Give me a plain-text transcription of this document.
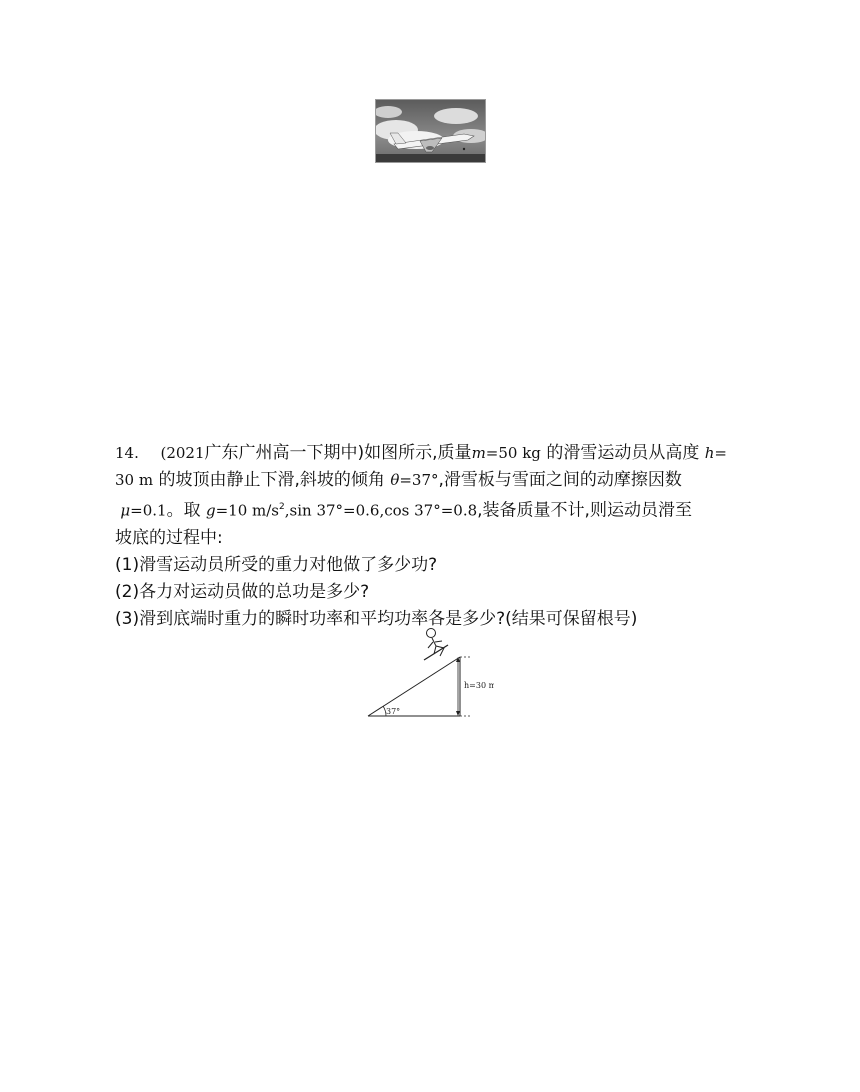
14. (2021广东广州高一下期中)如图所示,质量m=50 kg 的滑雪运动员从高度 h=

30 m 的坡顶由静止下滑,斜坡的倾角 θ=37°,滑雪板与雪面之间的动摩擦因数

μ=0.1。取 g=10 $m/s^2,\sin$ 37°=0.6,cos 37°=0.8,装备质量不计,则运动员滑至

坡底的过程中:

(1)滑雪运动员所受的重力对他做了多少功?

(2)各力对运动员做的总功是多少?

(3)滑到底端时重力的瞬时功率和平均功率各是多少?(结果可保留根号)

h=30 m
37°
